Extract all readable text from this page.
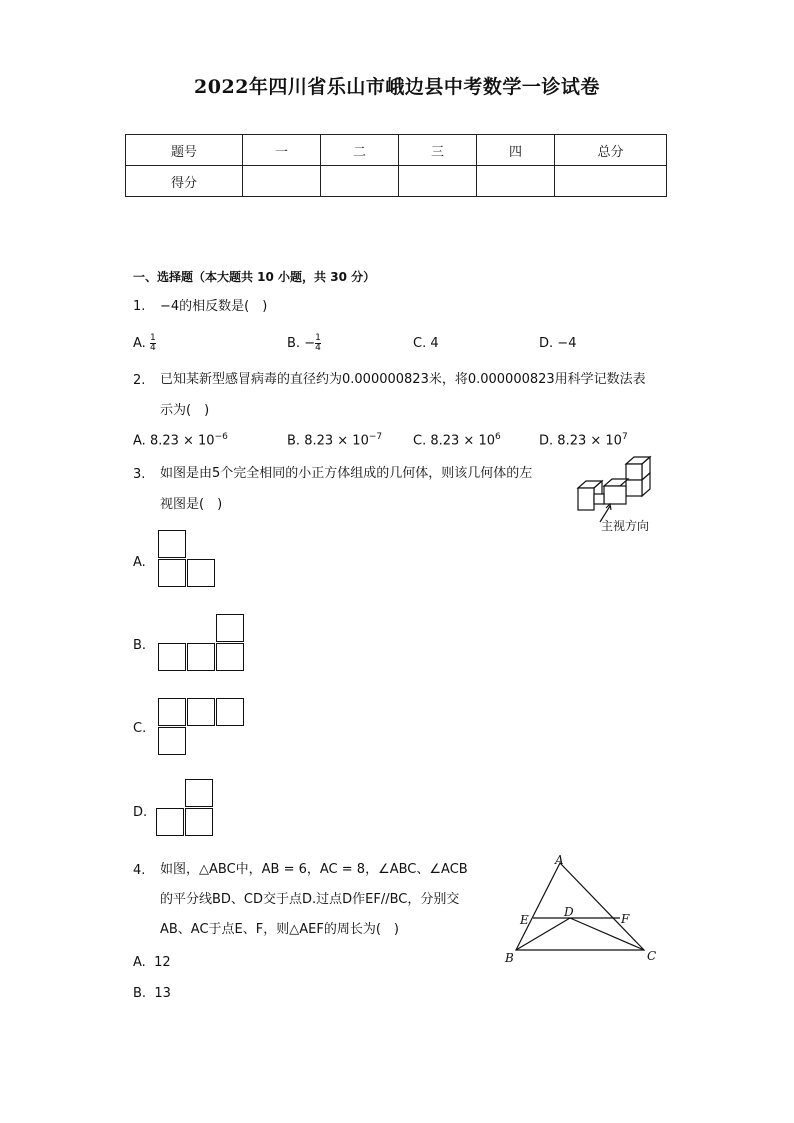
2022年四川省乐山市峨边县中考数学一诊试卷
题号	一	二	三	四	总分
得分					
一、选择题（本大题共 10 小题，共 30 分）
1. −4的相反数是(　)
A. $\frac{1}{4}$	B. − $\frac{1}{4}$	C. 4	D. −4
2. 已知某新型感冒病毒的直径约为0.000000823米，将0.000000823用科学记数法表
示为(　)
A. $8.23 \times 10^{-6}$	B. $8.23 \times 10^{-7}$ C. $8.23 \times 10^6$	D. $8.23 \times 10^7$
3. 如图是由5个完全相同的小正方体组成的几何体，则该几何体的左
视图是(　)
主视方向
A.
B.
C.
D.
4. 如图，△ABC中，AB = 6，AC = 8，∠ABC、∠ACB
的平分线BD、CD交于点D.过点D作EF//BC，分别交
AB、AC于点E、F，则△AEF的周长为(　)
A
B	C
D
E	F
A. 12
B. 13
